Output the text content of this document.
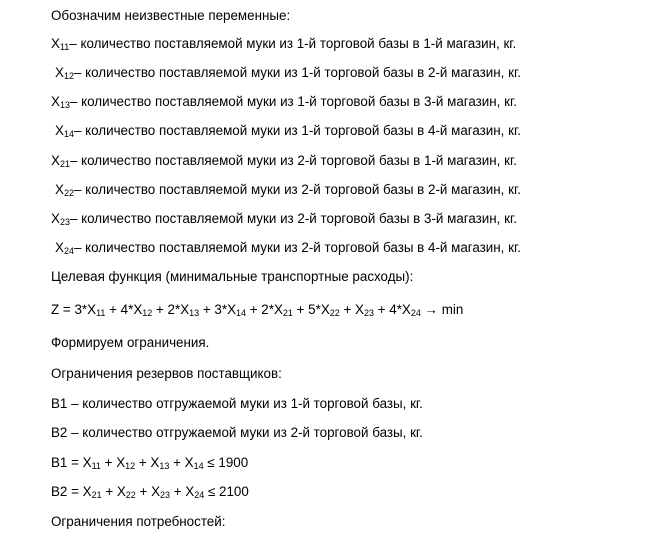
Обозначим неизвестные переменные:
$X_{11}-$ количество поставляемой муки из 1-й торговой базы в 1-й магазин, кг.
$X_{12}-$ количество поставляемой муки из 1-й торговой базы в 2-й магазин, кг.
$X_{13}-$ количество поставляемой муки из 1-й торговой базы в 3-й магазин, кг.
$X_{14}-$ количество поставляемой муки из 1-й торговой базы в 4-й магазин, кг.
$X_{21}-$ количество поставляемой муки из 2-й торговой базы в 1-й магазин, кг.
$X_{22}-$ количество поставляемой муки из 2-й торговой базы в 2-й магазин, кг.
$X_{23}-$ количество поставляемой муки из 2-й торговой базы в 3-й магазин, кг.
$X_{24}-$ количество поставляемой муки из 2-й торговой базы в 4-й магазин, кг.
Целевая функция (минимальные транспортные расходы):
$Z = 3*X_{11} + 4*X_{12} + 2*X_{13} + 3*X_{14} + 2*X_{21} + 5*X_{22} + X_{23} + 4*X_{24} \to \min$
Формируем ограничения.
Ограничения резервов поставщиков:
B1 – количество отгружаемой муки из 1-й торговой базы, кг.
B2 – количество отгружаемой муки из 2-й торговой базы, кг.
$B1 = X_{11} + X_{12} + X_{13} + X_{14} \le 1900$
$B2 = X_{21} + X_{22} + X_{23} + X_{24} \le 2100$
Ограничения потребностей:
